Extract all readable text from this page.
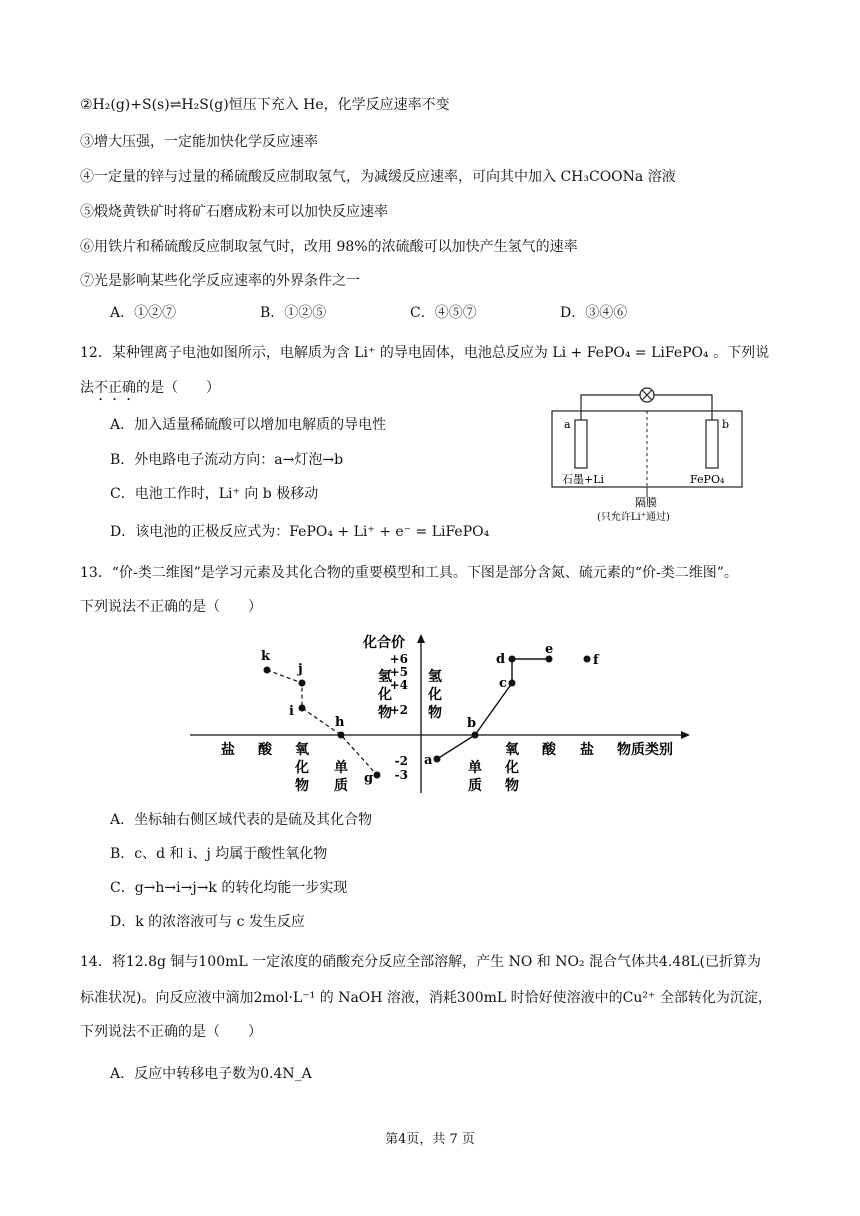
②H₂(g)+S(s)⇌H₂S(g)恒压下充入 He，化学反应速率不变
③增大压强，一定能加快化学反应速率
④一定量的锌与过量的稀硫酸反应制取氢气，为减缓反应速率，可向其中加入 CH₃COONa 溶液
⑤煅烧黄铁矿时将矿石磨成粉末可以加快反应速率
⑥用铁片和稀硫酸反应制取氢气时，改用 98%的浓硫酸可以加快产生氢气的速率
⑦光是影响某些化学反应速率的外界条件之一
A．①②⑦	B．①②⑤	C．④⑤⑦	D．③④⑥
12．某种锂离子电池如图所示，电解质为含 Li⁺ 的导电固体，电池总反应为 Li + FePO₄ = LiFePO₄ 。下列说
法不正确的是（　　）
A．加入适量稀硫酸可以增加电解质的导电性
B．外电路电子流动方向：a→灯泡→b
C．电池工作时，Li⁺ 向 b 极移动
D．该电池的正极反应式为：FePO₄ + Li⁺ + e⁻ = LiFePO₄
a	b
石墨+Li	FePO₄
隔膜
(只允许Li⁺通过)
13．“价-类二维图”是学习元素及其化合物的重要模型和工具。下图是部分含氮、硫元素的“价-类二维图”。
下列说法不正确的是（　　）
化合价
物质类别
+6
+5
+4
+2
-2
-3
氢
化
物
氢
化
物
盐 酸 氧
化
物
单
质
单
质
氧
化
物
酸 盐
k
j
i
h
g
a
b
c
d
e
f
A．坐标轴右侧区域代表的是硫及其化合物
B．c、d 和 i、j 均属于酸性氧化物
C．g→h→i→j→k 的转化均能一步实现
D．k 的浓溶液可与 c 发生反应
14．将12.8g 铜与100mL 一定浓度的硝酸充分反应全部溶解，产生 NO 和 NO₂ 混合气体共4.48L(已折算为
标准状况)。向反应液中滴加2mol·L⁻¹ 的 NaOH 溶液，消耗300mL 时恰好使溶液中的Cu²⁺ 全部转化为沉淀，
下列说法不正确的是（　　）
A．反应中转移电子数为0.4N_A
第4页，共 7 页
